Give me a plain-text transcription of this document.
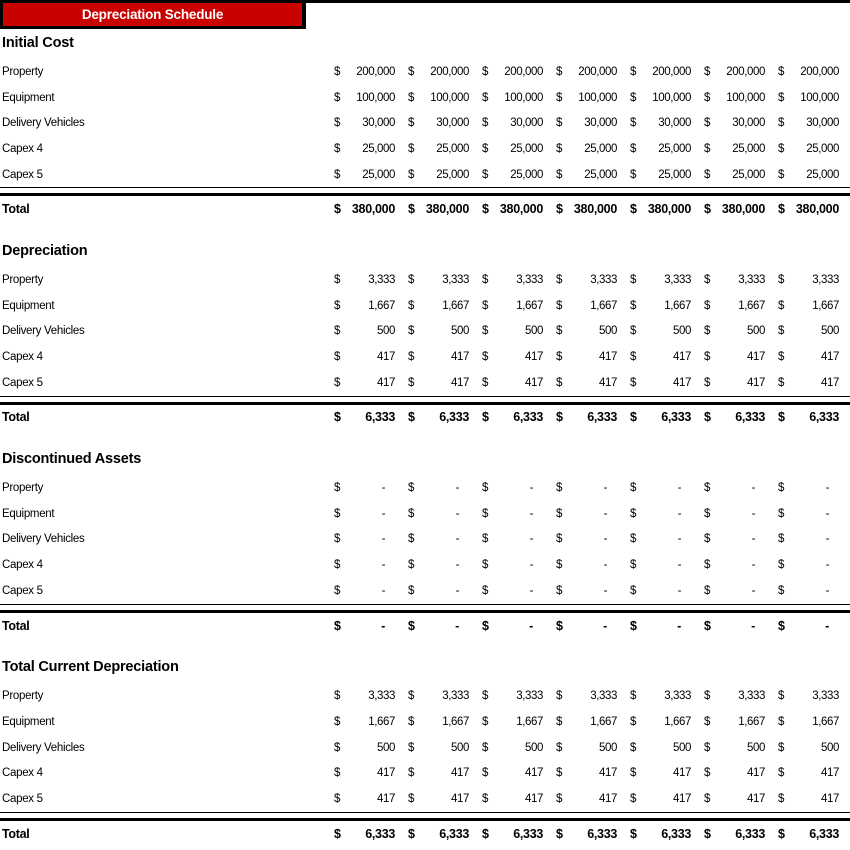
Depreciation Schedule
Initial Cost
Property	$ 200,000 $ 200,000 $ 200,000 $ 200,000 $ 200,000 $ 200,000 $ 200,000
Equipment	$ 100,000 $ 100,000 $ 100,000 $ 100,000 $ 100,000 $ 100,000 $ 100,000
Delivery Vehicles	$ 30,000 $ 30,000 $ 30,000 $ 30,000 $ 30,000 $ 30,000 $ 30,000
Capex 4	$ 25,000 $ 25,000 $ 25,000 $ 25,000 $ 25,000 $ 25,000 $ 25,000
Capex 5	$ 25,000 $ 25,000 $ 25,000 $ 25,000 $ 25,000 $ 25,000 $ 25,000
Total	$ 380,000 $ 380,000 $ 380,000 $ 380,000 $ 380,000 $ 380,000 $ 380,000
Depreciation
Property	$ 3,333 $ 3,333 $ 3,333 $ 3,333 $ 3,333 $ 3,333 $ 3,333
Equipment	$ 1,667 $ 1,667 $ 1,667 $ 1,667 $ 1,667 $ 1,667 $ 1,667
Delivery Vehicles	$	500 $	500 $	500 $	500 $	500 $	500 $	500
Capex 4	$	417 $	417 $	417 $	417 $	417 $	417 $	417
Capex 5	$	417 $	417 $	417 $	417 $	417 $	417 $	417
Total	$ 6,333 $ 6,333 $ 6,333 $ 6,333 $ 6,333 $ 6,333 $ 6,333
Discontinued Assets
Property	$	-	$	-	$	-	$	-	$	-	$	-	$	-
Equipment	$	-	$	-	$	-	$	-	$	-	$	-	$	-
Delivery Vehicles	$	-	$	-	$	-	$	-	$	-	$	-	$	-
Capex 4	$	-	$	-	$	-	$	-	$	-	$	-	$	-
Capex 5	$	-	$	-	$	-	$	-	$	-	$	-	$	-
Total	$	-	$	-	$	-	$	-	$	-	$	-	$	-
Total Current Depreciation
Property	$ 3,333 $ 3,333 $ 3,333 $ 3,333 $ 3,333 $ 3,333 $ 3,333
Equipment	$ 1,667 $ 1,667 $ 1,667 $ 1,667 $ 1,667 $ 1,667 $ 1,667
Delivery Vehicles	$	500 $	500 $	500 $	500 $	500 $	500 $	500
Capex 4	$	417 $	417 $	417 $	417 $	417 $	417 $	417
Capex 5	$	417 $	417 $	417 $	417 $	417 $	417 $	417
Total	$ 6,333 $ 6,333 $ 6,333 $ 6,333 $ 6,333 $ 6,333 $ 6,333
